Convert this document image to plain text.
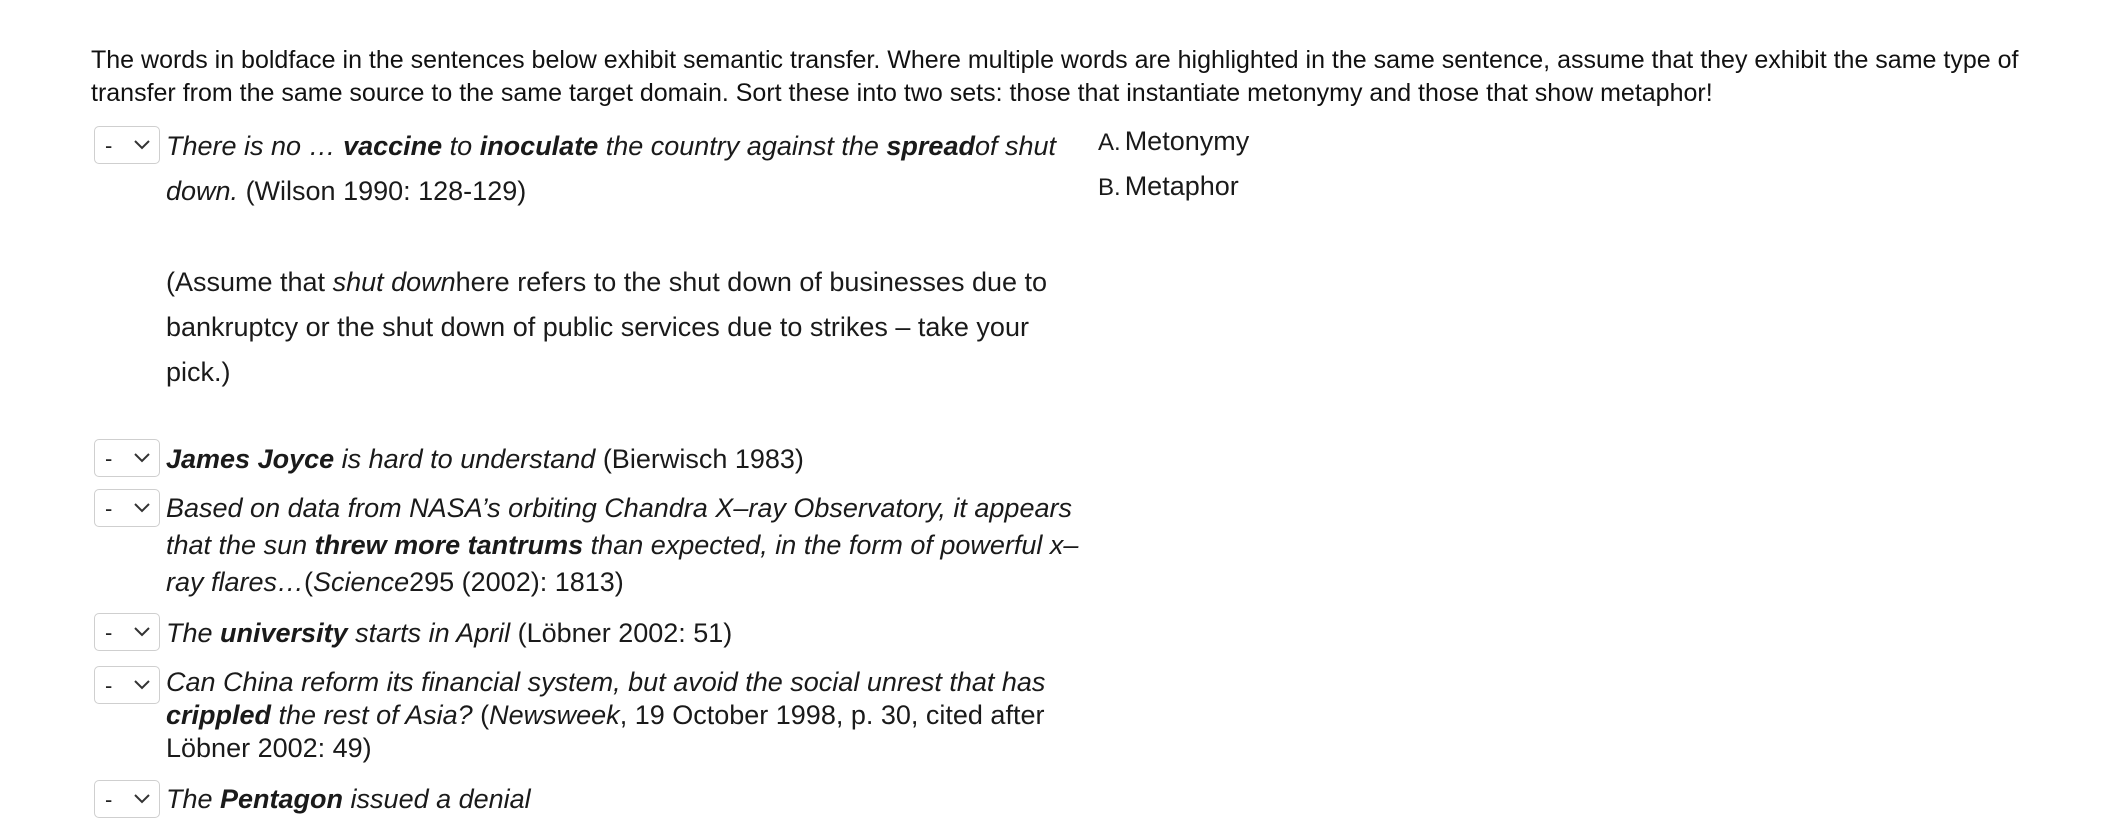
The words in boldface in the sentences below exhibit semantic transfer. Where multiple words are highlighted in the same sentence, assume that they exhibit the same type of transfer from the same source to the same target domain. Sort these into two sets: those that instantiate metonymy and those that show metaphor!
- There is no … vaccine to inoculate the country against the spreadof shut down. (Wilson 1990: 128-129)
(Assume that shut downhere refers to the shut down of businesses due to bankruptcy or the shut down of public services due to strikes – take your pick.)
- James Joyce is hard to understand (Bierwisch 1983)
- Based on data from NASA’s orbiting Chandra X–ray Observatory, it appears that the sun threw more tantrums than expected, in the form of powerful x–ray flares…(Science295 (2002): 1813)
- The university starts in April (Löbner 2002: 51)
- Can China reform its financial system, but avoid the social unrest that has crippled the rest of Asia? (Newsweek, 19 October 1998, p. 30, cited after Löbner 2002: 49)
- The Pentagon issued a denial
A. Metonymy
B. Metaphor
